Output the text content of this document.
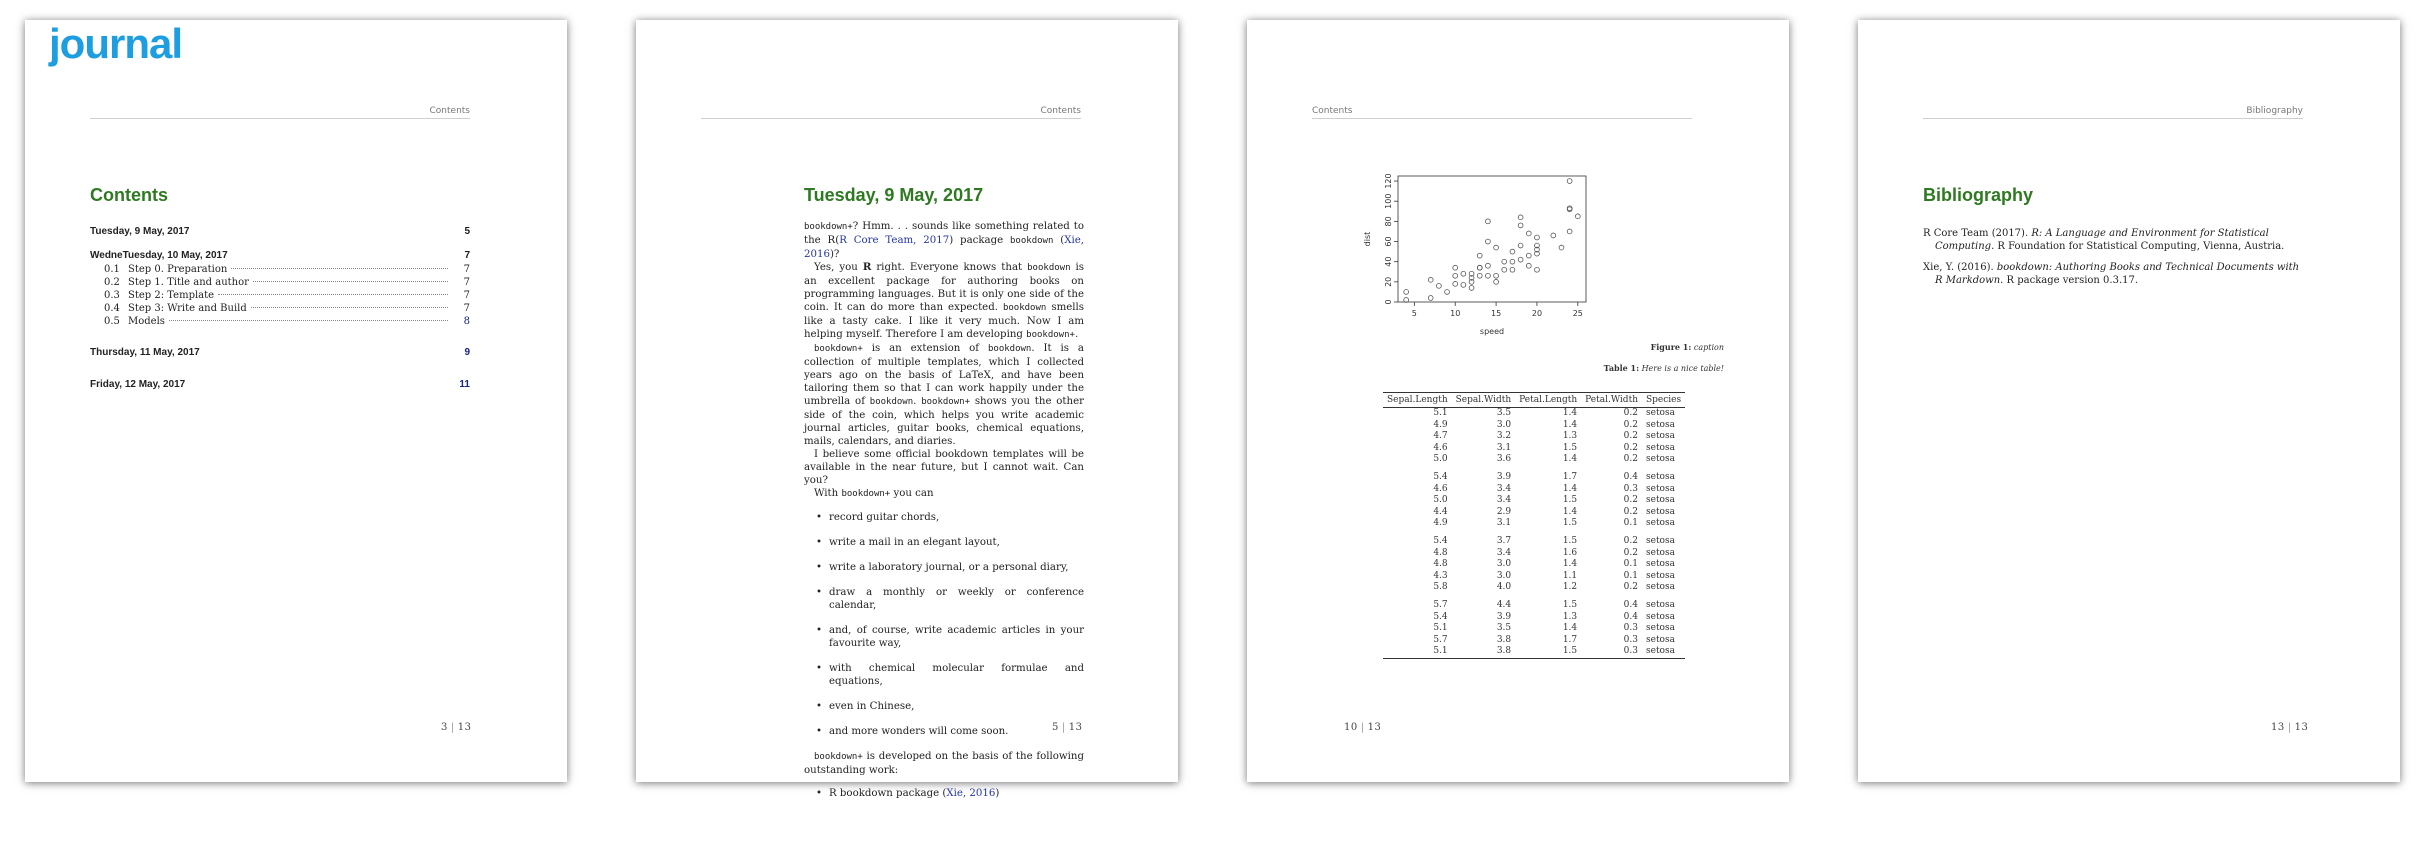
journal
Contents
Contents
Tuesday, 9 May, 2017	5
WedneTuesday, 10 May, 2017	7
0.1 Step 0. Preparation	7
0.2 Step 1. Title and author	7
0.3 Step 2: Template	7
0.4 Step 3: Write and Build	7
0.5 Models	8
Thursday, 11 May, 2017	9
Friday, 12 May, 2017	11
3 | 13
Contents
Tuesday, 9 May, 2017

bookdown+? Hmm. . . sounds like something related to the R(R Core Team, 2017) package bookdown (Xie, 2016)?

Yes, you R right. Everyone knows that bookdown is an excellent package for authoring books on programming languages. But it is only one side of the coin. It can do more than expected. bookdown smells like a tasty cake. I like it very much. Now I am helping myself. Therefore I am developing bookdown+.

bookdown+ is an extension of bookdown. It is a collection of multiple templates, which I collected years ago on the basis of LaTeX, and have been tailoring them so that I can work happily under the umbrella of bookdown. bookdown+ shows you the other side of the coin, which helps you write academic journal articles, guitar books, chemical equations, mails, calendars, and diaries.

I believe some official bookdown templates will be available in the near future, but I cannot wait. Can you?

With bookdown+ you can

• record guitar chords,
• write a mail in an elegant layout,
• write a laboratory journal, or a personal diary,
• draw a monthly or weekly or conference calendar,
• and, of course, write academic articles in your favourite way,
• with chemical molecular formulae and equations,
• even in Chinese,
• and more wonders will come soon.

bookdown+ is developed on the basis of the following outstanding work:

• R bookdown package (Xie, 2016)
5 | 13
Contents
5	10	15	20	25
0
20
40
60
80
100
120
speed
dist
Figure 1: caption
Table 1: Here is a nice table!
Sepal.Length	Sepal.Width	Petal.Length	Petal.Width	Species
5.1	3.5	1.4	0.2	setosa
4.9	3.0	1.4	0.2	setosa
4.7	3.2	1.3	0.2	setosa
4.6	3.1	1.5	0.2	setosa
5.0	3.6	1.4	0.2	setosa
5.4	3.9	1.7	0.4	setosa
4.6	3.4	1.4	0.3	setosa
5.0	3.4	1.5	0.2	setosa
4.4	2.9	1.4	0.2	setosa
4.9	3.1	1.5	0.1	setosa
5.4	3.7	1.5	0.2	setosa
4.8	3.4	1.6	0.2	setosa
4.8	3.0	1.4	0.1	setosa
4.3	3.0	1.1	0.1	setosa
5.8	4.0	1.2	0.2	setosa
5.7	4.4	1.5	0.4	setosa
5.4	3.9	1.3	0.4	setosa
5.1	3.5	1.4	0.3	setosa
5.7	3.8	1.7	0.3	setosa
5.1	3.8	1.5	0.3	setosa
10 | 13
Bibliography
Bibliography

R Core Team (2017). R: A Language and Environment for Statistical Computing. R Foundation for Statistical Computing, Vienna, Austria.

Xie, Y. (2016). bookdown: Authoring Books and Technical Documents with R Markdown. R package version 0.3.17.

13 | 13
